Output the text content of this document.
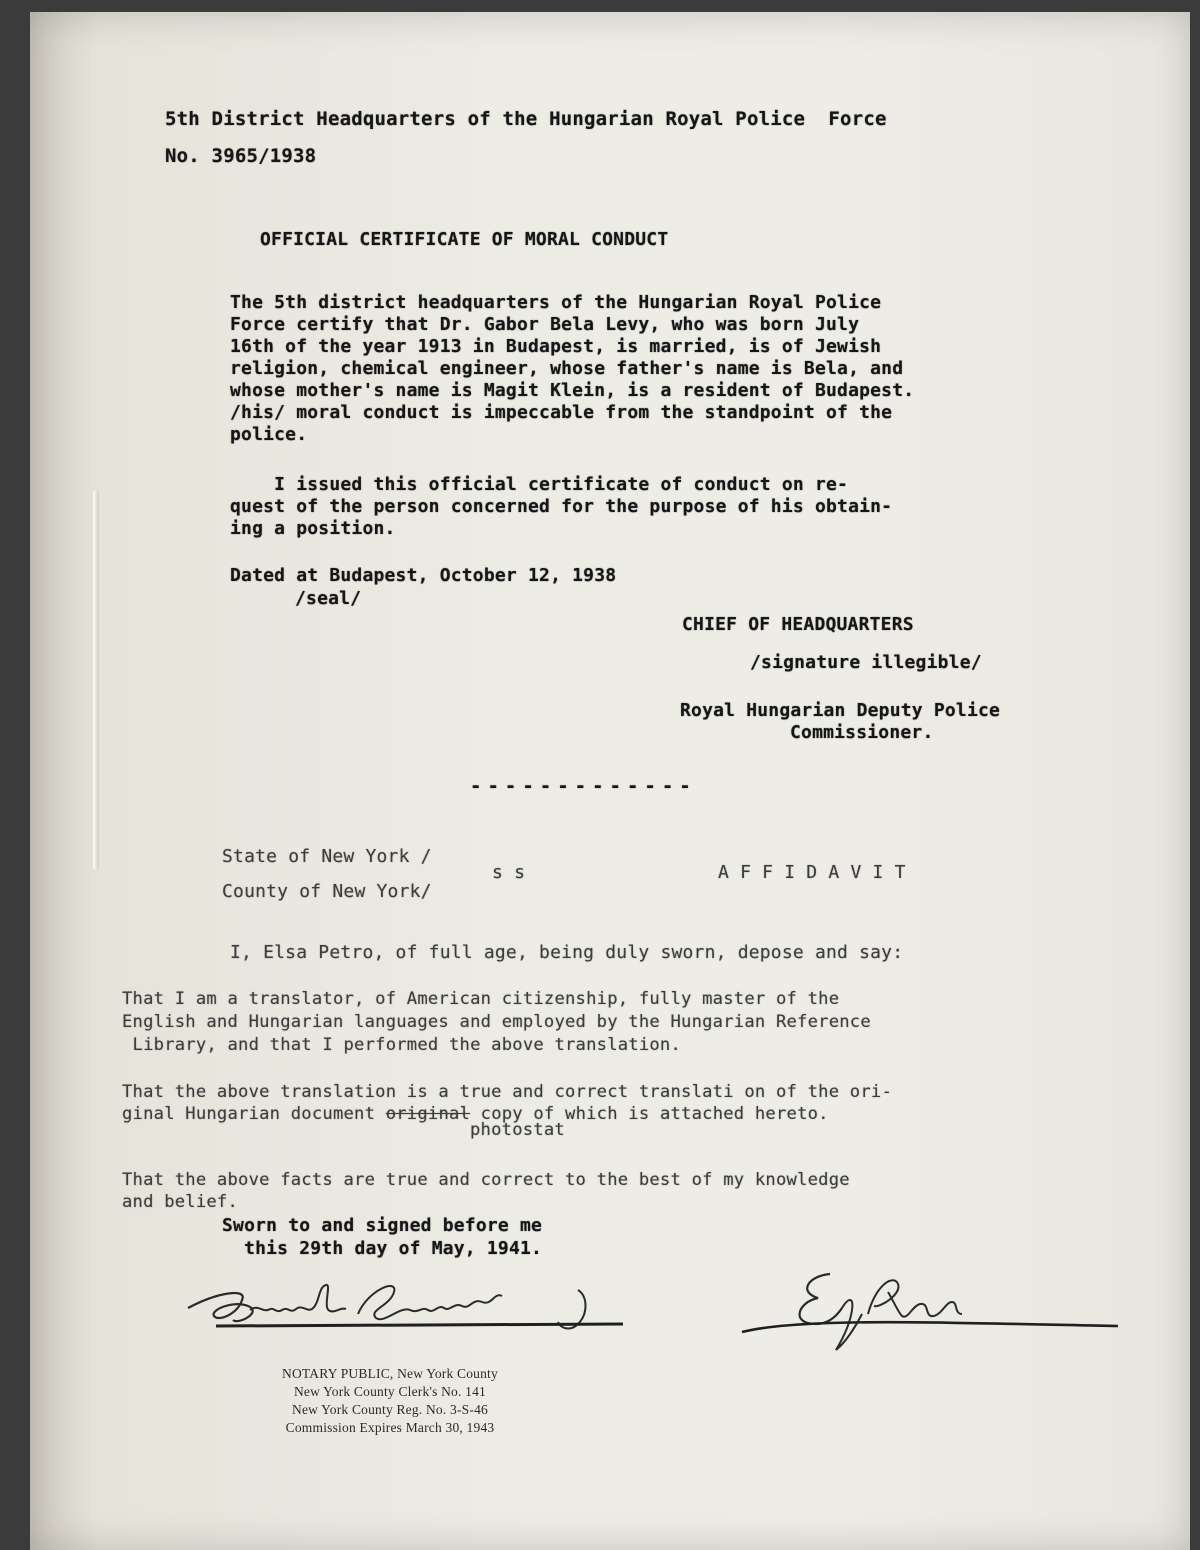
5th District Headquarters of the Hungarian Royal Police  Force
No. 3965/1938
OFFICIAL CERTIFICATE OF MORAL CONDUCT
The 5th district headquarters of the Hungarian Royal Police
Force certify that Dr. Gabor Bela Levy, who was born July
16th of the year 1913 in Budapest, is married, is of Jewish
religion, chemical engineer, whose father's name is Bela, and
whose mother's name is Magit Klein, is a resident of Budapest.
/his/ moral conduct is impeccable from the standpoint of the
police.
I issued this official certificate of conduct on re-
quest of the person concerned for the purpose of his obtain-
ing a position.
Dated at Budapest, October 12, 1938
/seal/
CHIEF OF HEADQUARTERS
/signature illegible/
Royal Hungarian Deputy Police
Commissioner.
-------------
State of New York /
County of New York/
s s	A F F I D A V I T
I, Elsa Petro, of full age, being duly sworn, depose and say:
That I am a translator, of American citizenship, fully master of the
English and Hungarian languages and employed by the Hungarian Reference
Library, and that I performed the above translation.
That the above translation is a true and correct translati on of the ori-
ginal Hungarian document original copy of which is attached hereto.
photostat
That the above facts are true and correct to the best of my knowledge
and belief.
Sworn to and signed before me
this 29th day of May, 1941.
NOTARY PUBLIC, New York County
New York County Clerk's No. 141
New York County Reg. No. 3-S-46
Commission Expires March 30, 1943
